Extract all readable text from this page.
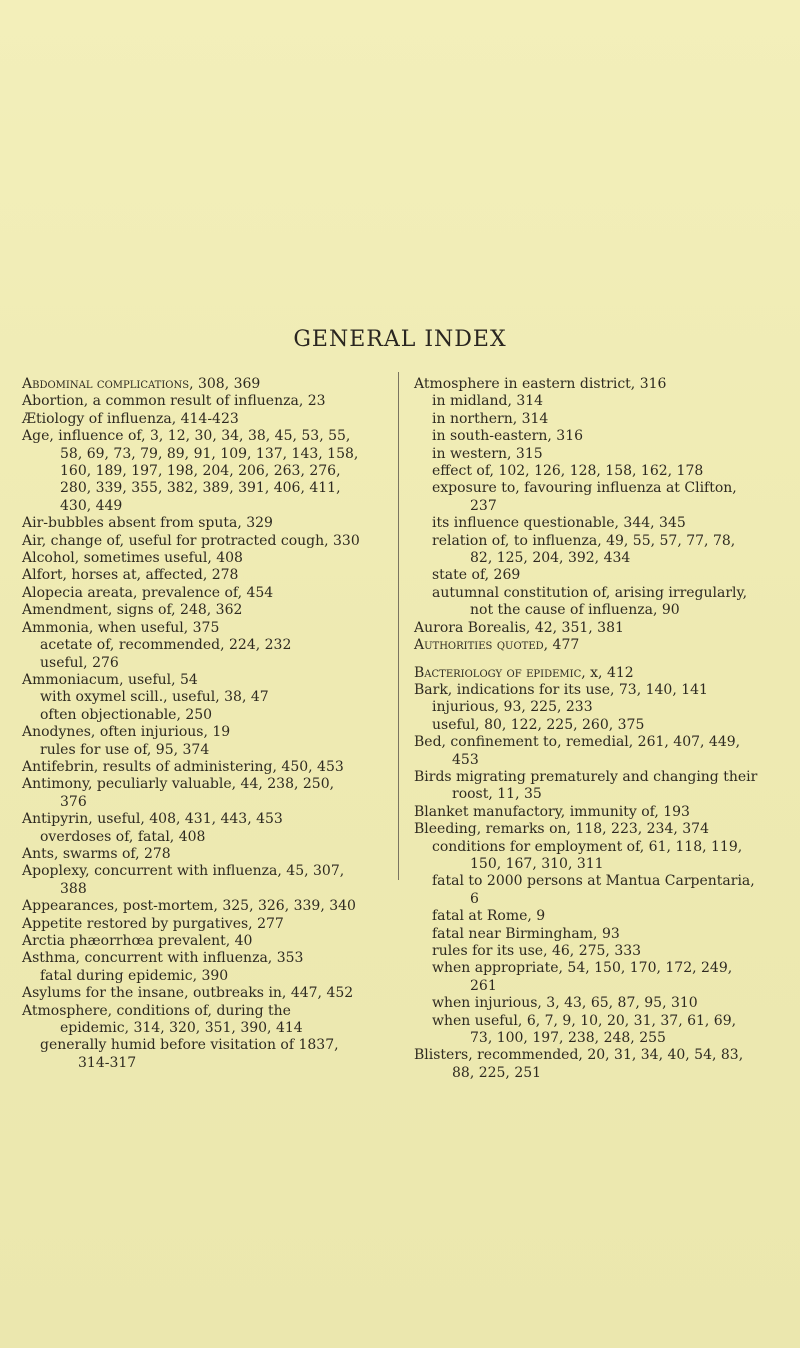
GENERAL INDEX
Abdominal complications, 308, 369
Abortion, a common result of influenza, 23
Ætiology of influenza, 414-423
Age, influence of, 3, 12, 30, 34, 38, 45, 53, 55, 58, 69, 73, 79, 89, 91, 109, 137, 143, 158, 160, 189, 197, 198, 204, 206, 263, 276, 280, 339, 355, 382, 389, 391, 406, 411, 430, 449
Air-bubbles absent from sputa, 329
Air, change of, useful for protracted cough, 330
Alcohol, sometimes useful, 408
Alfort, horses at, affected, 278
Alopecia areata, prevalence of, 454
Amendment, signs of, 248, 362
Ammonia, when useful, 375
acetate of, recommended, 224, 232
useful, 276
Ammoniacum, useful, 54
with oxymel scill., useful, 38, 47
often objectionable, 250
Anodynes, often injurious, 19
rules for use of, 95, 374
Antifebrin, results of administering, 450, 453
Antimony, peculiarly valuable, 44, 238, 250, 376
Antipyrin, useful, 408, 431, 443, 453
overdoses of, fatal, 408
Ants, swarms of, 278
Apoplexy, concurrent with influenza, 45, 307, 388
Appearances, post-mortem, 325, 326, 339, 340
Appetite restored by purgatives, 277
Arctia phæorrhœa prevalent, 40
Asthma, concurrent with influenza, 353
fatal during epidemic, 390
Asylums for the insane, outbreaks in, 447, 452
Atmosphere, conditions of, during the epidemic, 314, 320, 351, 390, 414
generally humid before visitation of 1837, 314-317
Atmosphere in eastern district, 316
in midland, 314
in northern, 314
in south-eastern, 316
in western, 315
effect of, 102, 126, 128, 158, 162, 178
exposure to, favouring influenza at Clifton, 237
its influence questionable, 344, 345
relation of, to influenza, 49, 55, 57, 77, 78, 82, 125, 204, 392, 434
state of, 269
autumnal constitution of, arising irregularly, not the cause of influenza, 90
Aurora Borealis, 42, 351, 381
Authorities quoted, 477
Bacteriology of epidemic, x, 412
Bark, indications for its use, 73, 140, 141
injurious, 93, 225, 233
useful, 80, 122, 225, 260, 375
Bed, confinement to, remedial, 261, 407, 449, 453
Birds migrating prematurely and changing their roost, 11, 35
Blanket manufactory, immunity of, 193
Bleeding, remarks on, 118, 223, 234, 374
conditions for employment of, 61, 118, 119, 150, 167, 310, 311
fatal to 2000 persons at Mantua Carpentaria, 6
fatal at Rome, 9
fatal near Birmingham, 93
rules for its use, 46, 275, 333
when appropriate, 54, 150, 170, 172, 249, 261
when injurious, 3, 43, 65, 87, 95, 310
when useful, 6, 7, 9, 10, 20, 31, 37, 61, 69, 73, 100, 197, 238, 248, 255
Blisters, recommended, 20, 31, 34, 40, 54, 83, 88, 225, 251
